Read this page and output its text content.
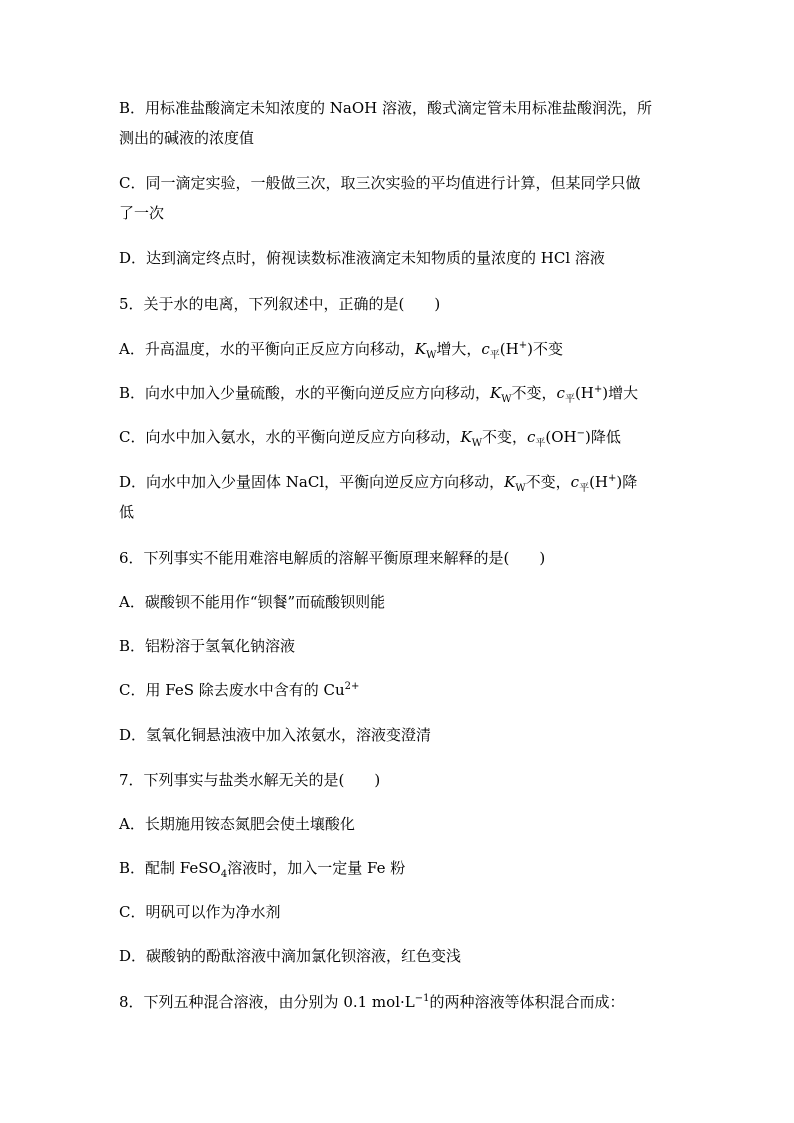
B．用标准盐酸滴定未知浓度的 NaOH 溶液，酸式滴定管未用标准盐酸润洗，所
测出的碱液的浓度值
C．同一滴定实验，一般做三次，取三次实验的平均值进行计算，但某同学只做
了一次
D．达到滴定终点时，俯视读数标准液滴定未知物质的量浓度的 HCl 溶液
5．关于水的电离，下列叙述中，正确的是(　　)
A．升高温度，水的平衡向正反应方向移动，$K_W$增大，$c_平(H^+)$不变
B．向水中加入少量硫酸，水的平衡向逆反应方向移动，$K_W$不变，$c_平(H^+)$增大
C．向水中加入氨水，水的平衡向逆反应方向移动，$K_W$不变，$c_平(OH^-)$降低
D．向水中加入少量固体 NaCl，平衡向逆反应方向移动，$K_W$不变，$c_平(H^+)$降
低
6．下列事实不能用难溶电解质的溶解平衡原理来解释的是(　　)
A．碳酸钡不能用作“钡餐”而硫酸钡则能
B．铝粉溶于氢氧化钠溶液
C．用 FeS 除去废水中含有的 $Cu^{2+}$
D．氢氧化铜悬浊液中加入浓氨水，溶液变澄清
7．下列事实与盐类水解无关的是(　　)
A．长期施用铵态氮肥会使土壤酸化
B．配制 FeSO$_4$溶液时，加入一定量 Fe 粉
C．明矾可以作为净水剂
D．碳酸钠的酚酞溶液中滴加氯化钡溶液，红色变浅
8．下列五种混合溶液，由分别为 0.1 $mol\cdot L^{-1}$的两种溶液等体积混合而成：
